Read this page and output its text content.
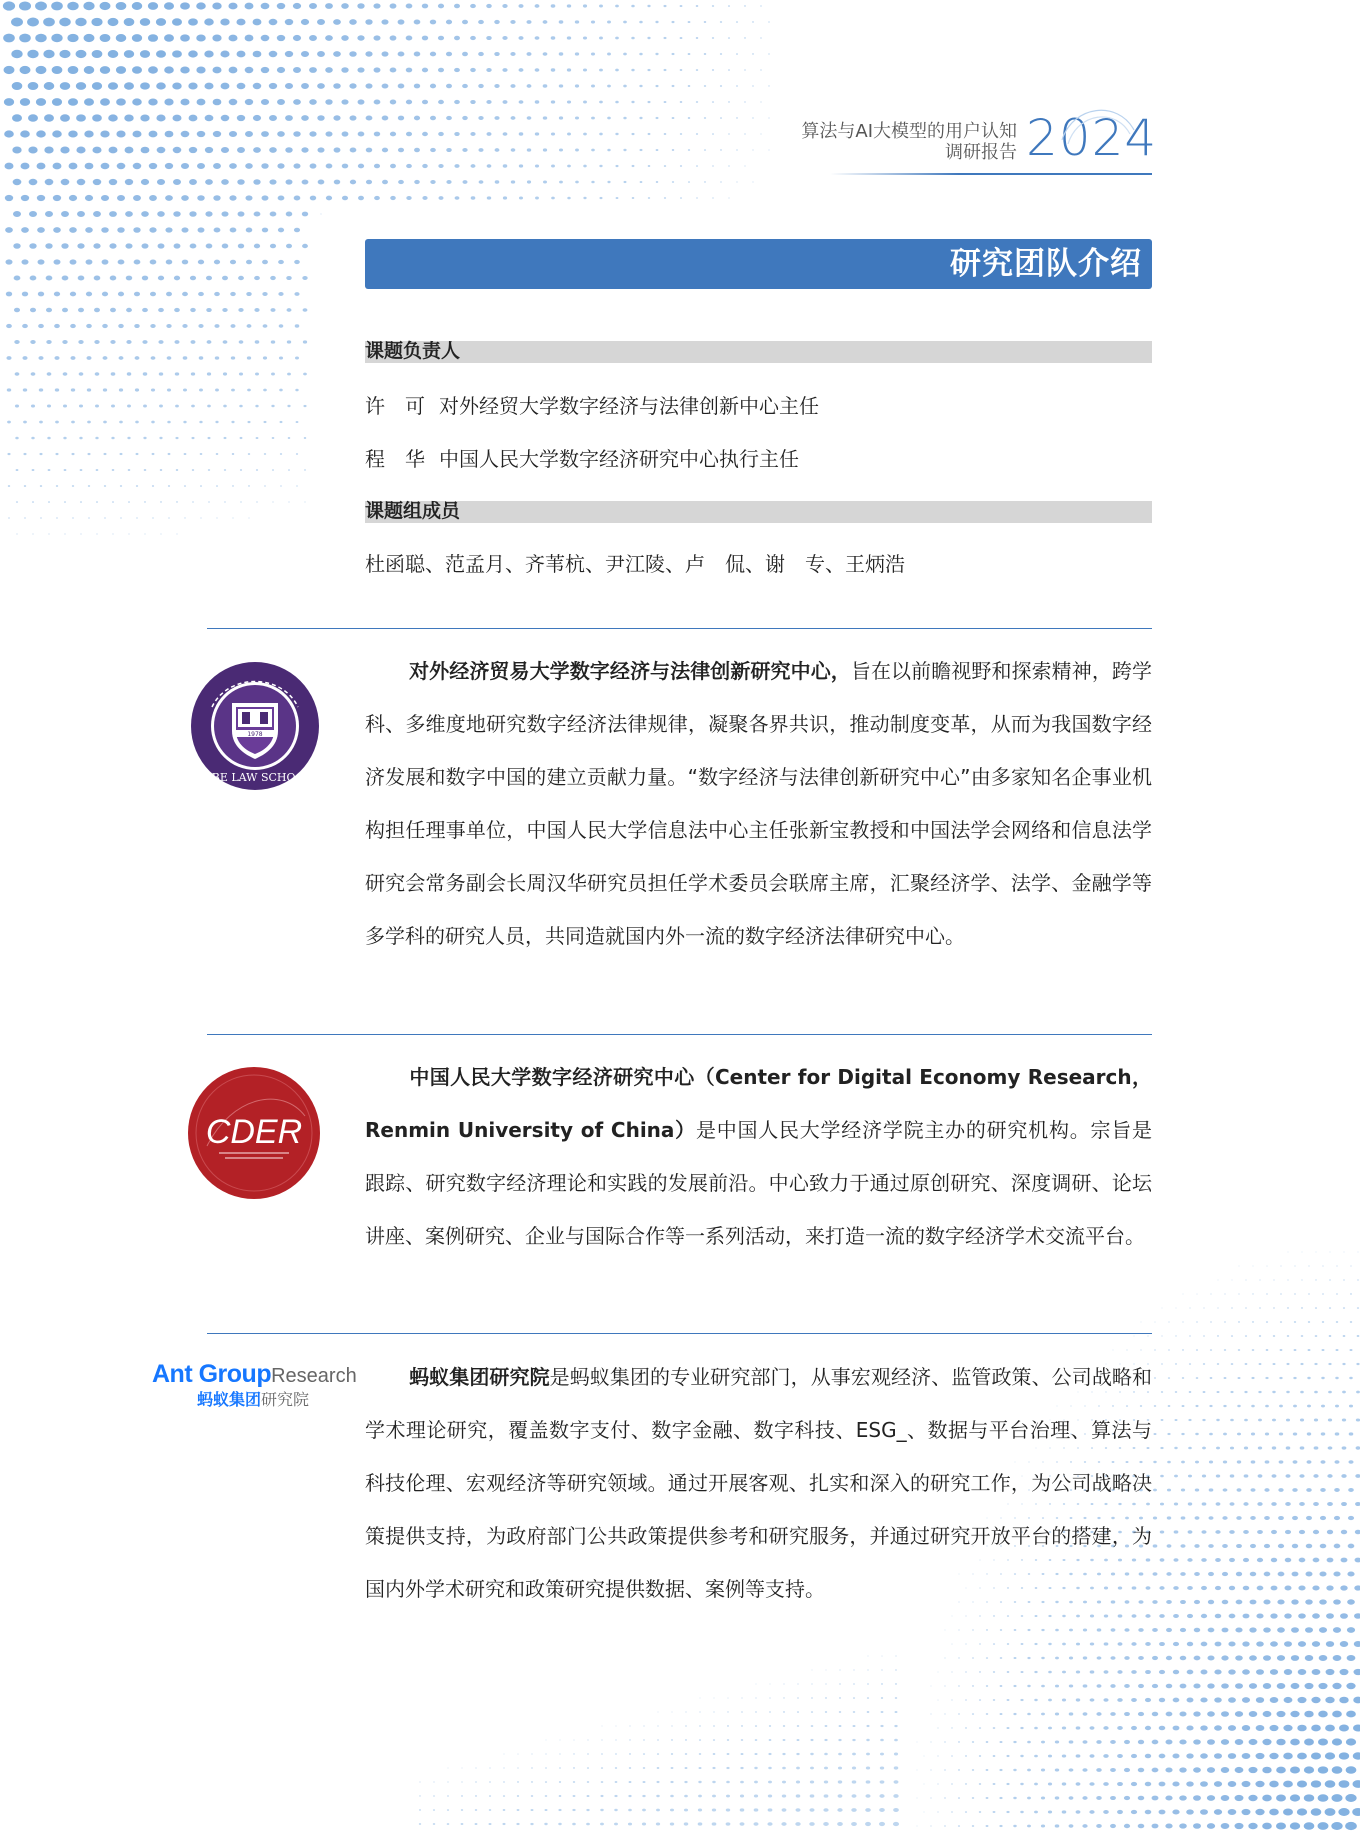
算法与AI大模型的用户认知
调研报告 2024
研究团队介绍
课题负责人
许　可 对外经贸大学数字经济与法律创新中心主任
程　华 中国人民大学数字经济研究中心执行主任
课题组成员
杜函聪、范孟月、齐苇杭、尹江陵、卢　侃、谢　专、王炳浩
1978
UIBE LAW SCHOOL
对外经济贸易大学数字经济与法律创新研究中心，旨在以前瞻视野和探索精神，跨学科、多维度地研究数字经济法律规律，凝聚各界共识，推动制度变革，从而为我国数字经济发展和数字中国的建立贡献力量。“数字经济与法律创新研究中心”由多家知名企事业机构担任理事单位，中国人民大学信息法中心主任张新宝教授和中国法学会网络和信息法学研究会常务副会长周汉华研究员担任学术委员会联席主席，汇聚经济学、法学、金融学等多学科的研究人员，共同造就国内外一流的数字经济法律研究中心。
CDER
中国人民大学数字经济研究中心（Center for Digital Economy Research，Renmin University of China）是中国人民大学经济学院主办的研究机构。宗旨是跟踪、研究数字经济理论和实践的发展前沿。中心致力于通过原创研究、深度调研、论坛讲座、案例研究、企业与国际合作等一系列活动，来打造一流的数字经济学术交流平台。
Ant GroupResearch
蚂蚁集团研究院
蚂蚁集团研究院是蚂蚁集团的专业研究部门，从事宏观经济、监管政策、公司战略和学术理论研究，覆盖数字支付、数字金融、数字科技、ESG_、数据与平台治理、算法与科技伦理、宏观经济等研究领域。通过开展客观、扎实和深入的研究工作，为公司战略决策提供支持，为政府部门公共政策提供参考和研究服务，并通过研究开放平台的搭建，为国内外学术研究和政策研究提供数据、案例等支持。
